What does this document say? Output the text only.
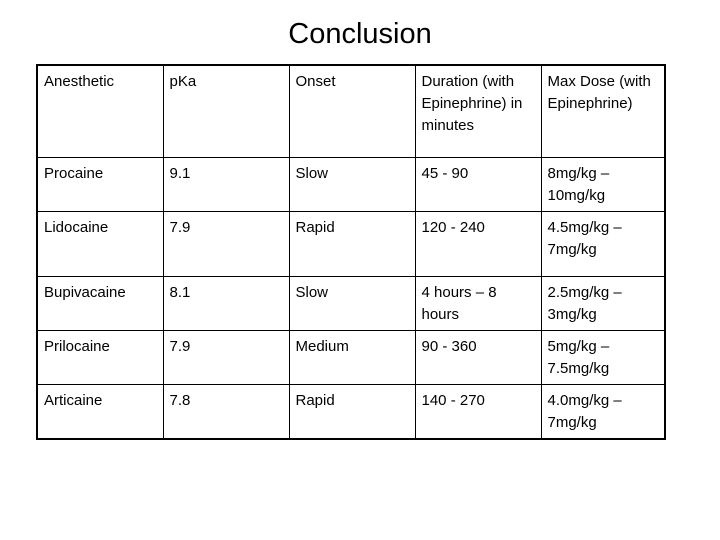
Conclusion
Anesthetic	pKa	Onset	Duration (with Epinephrine) in minutes	Max Dose (with Epinephrine)

Procaine	9.1	Slow	45 - 90	8mg/kg – 10mg/kg

Lidocaine	7.9	Rapid	120 - 240	4.5mg/kg – 7mg/kg

Bupivacaine	8.1	Slow	4 hours – 8 hours	2.5mg/kg – 3mg/kg

Prilocaine	7.9	Medium	90 - 360	5mg/kg – 7.5mg/kg

Articaine	7.8	Rapid	140 - 270	4.0mg/kg – 7mg/kg
